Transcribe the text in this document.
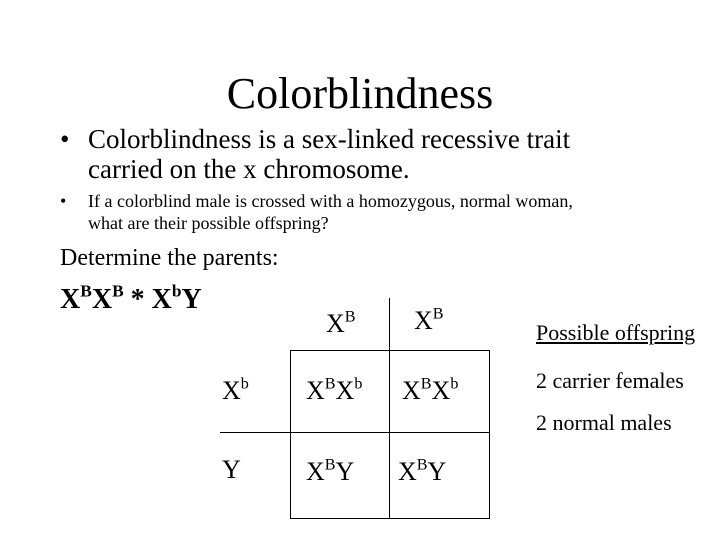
Colorblindness
• Colorblindness is a sex-linked recessive trait
carried on the x chromosome.
• If a colorblind male is crossed with a homozygous, normal woman,
what are their possible offspring?
Determine the parents:
$X^BX^B * X^bY$
$X^B$ $X^B$
$X^b$
Y
$X^BX^b$ $X^BX^b$
$X^BY$ $X^BY$
Possible offspring
2 carrier females
2 normal males
